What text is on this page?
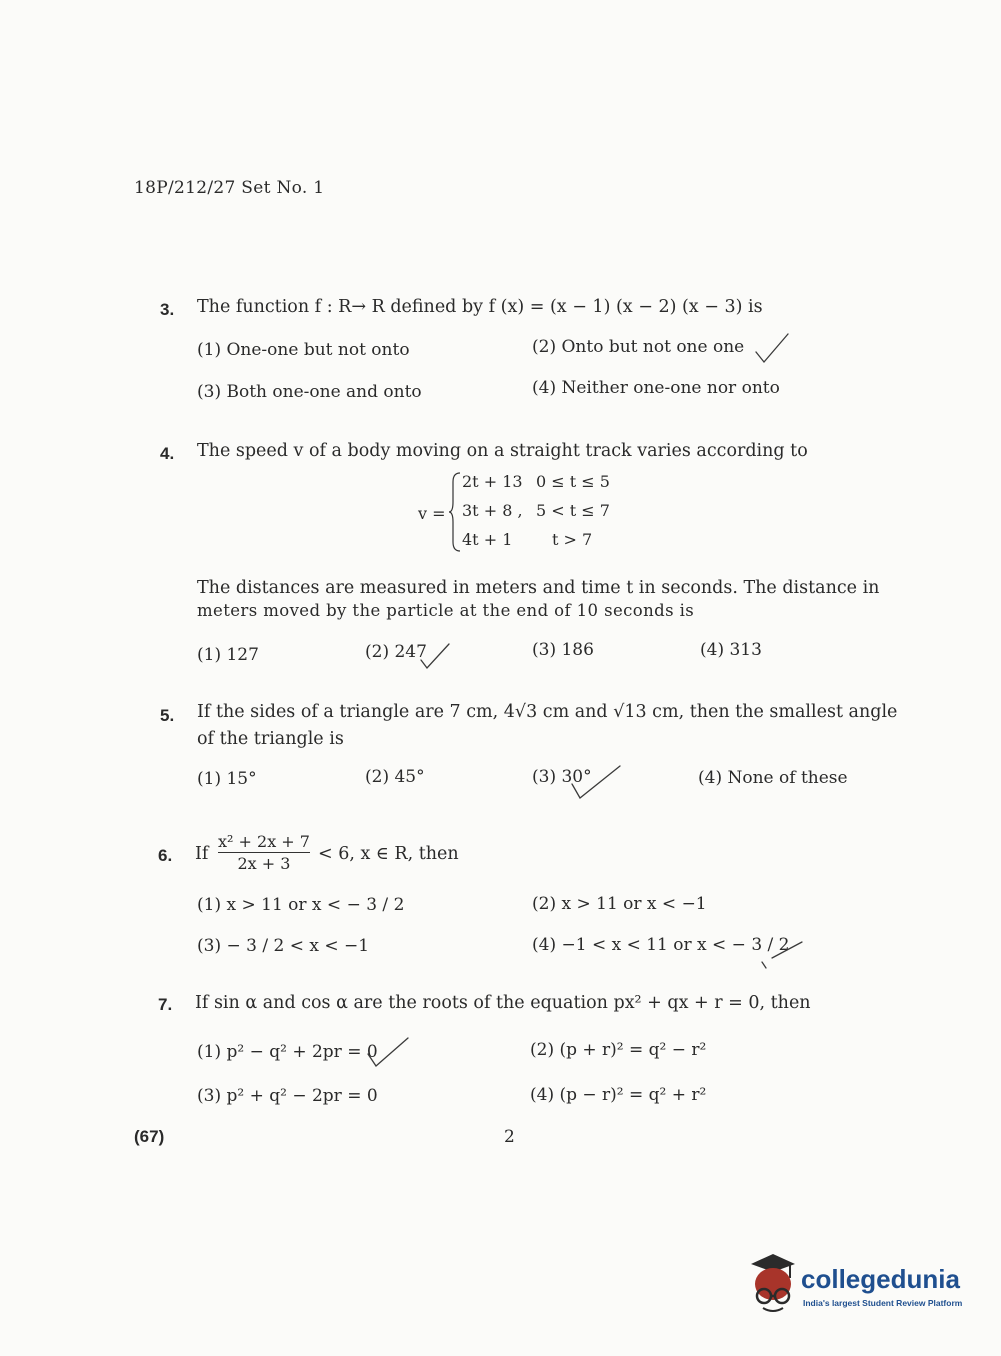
18P/212/27 Set No. 1
3. The function f : R→ R defined by f (x) = (x − 1) (x − 2) (x − 3) is
(1) One-one but not onto	(2) Onto but not one one
(3) Both one-one and onto	(4) Neither one-one nor onto
4. The speed v of a body moving on a straight track varies according to
v =
2t + 13 0 ≤ t ≤ 5
3t + 8 , 5 < t ≤ 7
4t + 1 t > 7
The distances are measured in meters and time t in seconds. The distance in
meters moved by the particle at the end of 10 seconds is
(1) 127	(2) 247	(3) 186	(4) 313
5. If the sides of a triangle are 7 cm, 4√3 cm and √13 cm, then the smallest angle
of the triangle is
(1) 15°	(2) 45°	(3) 30°	(4) None of these
6. If
x² + 2x + 7
2x + 3	< 6, x ∈ R, then
(1) x > 11 or x < − 3 / 2	(2) x > 11 or x < −1
(3) − 3 / 2 < x < −1	(4) −1 < x < 11 or x < − 3 / 2
7. If sin α and cos α are the roots of the equation px² + qx + r = 0, then
(1) p² − q² + 2pr = 0	(2) (p + r)² = q² − r²
(3) p² + q² − 2pr = 0	(4) (p − r)² = q² + r²
(67)	2
collegedunia
India's largest Student Review Platform
